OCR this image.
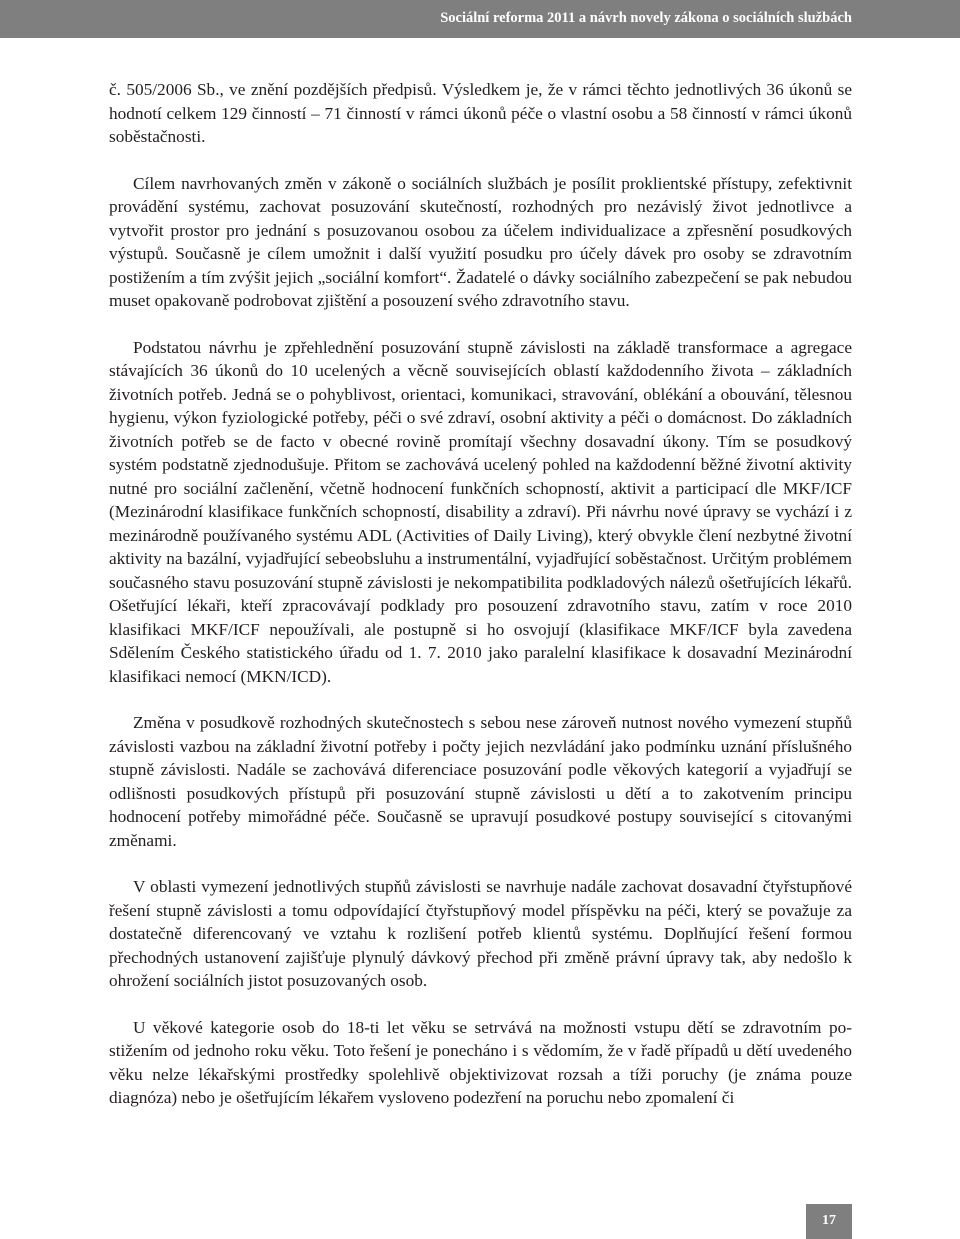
Sociální reforma 2011 a návrh novely zákona o sociálních službách

č. 505/2006 Sb., ve znění pozdějších předpisů. Výsledkem je, že v rámci těchto jednotlivých 36 úkonů se hodnotí celkem 129 činností – 71 činností v rámci úkonů péče o vlastní osobu a 58 činností v rámci úkonů soběstačnosti.

Cílem navrhovaných změn v zákoně o sociálních službách je posílit proklientské přístupy, zefektivnit provádění systému, zachovat posuzování skutečností, rozhodných pro nezávislý život jednotlivce a vytvořit prostor pro jednání s posuzovanou osobou za účelem individualizace a zpřesnění posudkových výstupů. Současně je cílem umožnit i další využití posudku pro účely dávek pro osoby se zdravotním postižením a tím zvýšit jejich „sociální komfort“. Žadatelé o dávky sociálního zabezpečení se pak nebudou muset opakovaně podrobovat zjištění a posouzení svého zdravotního stavu.

Podstatou návrhu je zpřehlednění posuzování stupně závislosti na základě transformace a agregace stávajících 36 úkonů do 10 ucelených a věcně souvisejících oblastí každodenního života – základních životních potřeb. Jedná se o pohyblivost, orientaci, komunikaci, stravování, oblékání a obouvání, tělesnou hygienu, výkon fyziologické potřeby, péči o své zdraví, osobní aktivity a péči o domácnost. Do základních životních potřeb se de facto v obecné rovině promítají všechny dosavadní úkony. Tím se posudkový systém podstatně zjednodušuje. Přitom se zachovává ucelený pohled na každodenní běžné životní aktivity nutné pro sociální začlenění, včetně hodnocení funkčních schopností, aktivit a participací dle MKF/ICF (Mezinárodní klasifikace funkčních schopností, disability a zdraví). Při návrhu nové úpravy se vychází i z mezinárodně používaného systému ADL (Activities of Daily Living), který obvykle člení nezbytné životní aktivity na bazální, vyjadřující sebeobsluhu a instrumentální, vyjadřující soběstačnost. Určitým problémem současného stavu posuzování stupně závislosti je nekompatibilita podkladových nálezů ošetřujících lékařů. Ošetřující lékaři, kteří zpracovávají podklady pro posouzení zdravotního stavu, zatím v roce 2010 klasifikaci MKF/ICF nepoužívali, ale postupně si ho osvojují (klasifikace MKF/ICF byla zavedena Sdělením Českého statistického úřadu od 1. 7. 2010 jako paralelní klasifikace k dosavadní Mezinárodní klasifikaci nemocí (MKN/ICD).

Změna v posudkově rozhodných skutečnostech s sebou nese zároveň nutnost nového vymezení stupňů závislosti vazbou na základní životní potřeby i počty jejich nezvládání jako podmínku uznání příslušného stupně závislosti. Nadále se zachovává diferenciace posuzování podle věkových kategorií a vyjadřují se odlišnosti posudkových přístupů při posuzování stupně závislosti u dětí a to zakotvením principu hodnocení potřeby mimořádné péče. Současně se upravují posudkové postupy související s citovanými změnami.

V oblasti vymezení jednotlivých stupňů závislosti se navrhuje nadále zachovat dosavadní čtyřstupňové řešení stupně závislosti a tomu odpovídající čtyřstupňový model příspěvku na péči, který se považuje za dostatečně diferencovaný ve vztahu k rozlišení potřeb klientů systému. Doplňující řešení formou přechodných ustanovení zajišťuje plynulý dávkový přechod při změně právní úpravy tak, aby nedošlo k ohrožení sociálních jistot posuzovaných osob.

U věkové kategorie osob do 18-ti let věku se setrvává na možnosti vstupu dětí se zdravotním postižením od jednoho roku věku. Toto řešení je ponecháno i s vědomím, že v řadě případů u dětí uvedeného věku nelze lékařskými prostředky spolehlivě objektivizovat rozsah a tíži poruchy (je známa pouze diagnóza) nebo je ošetřujícím lékařem vysloveno podezření na poruchu nebo zpomalení či

17
